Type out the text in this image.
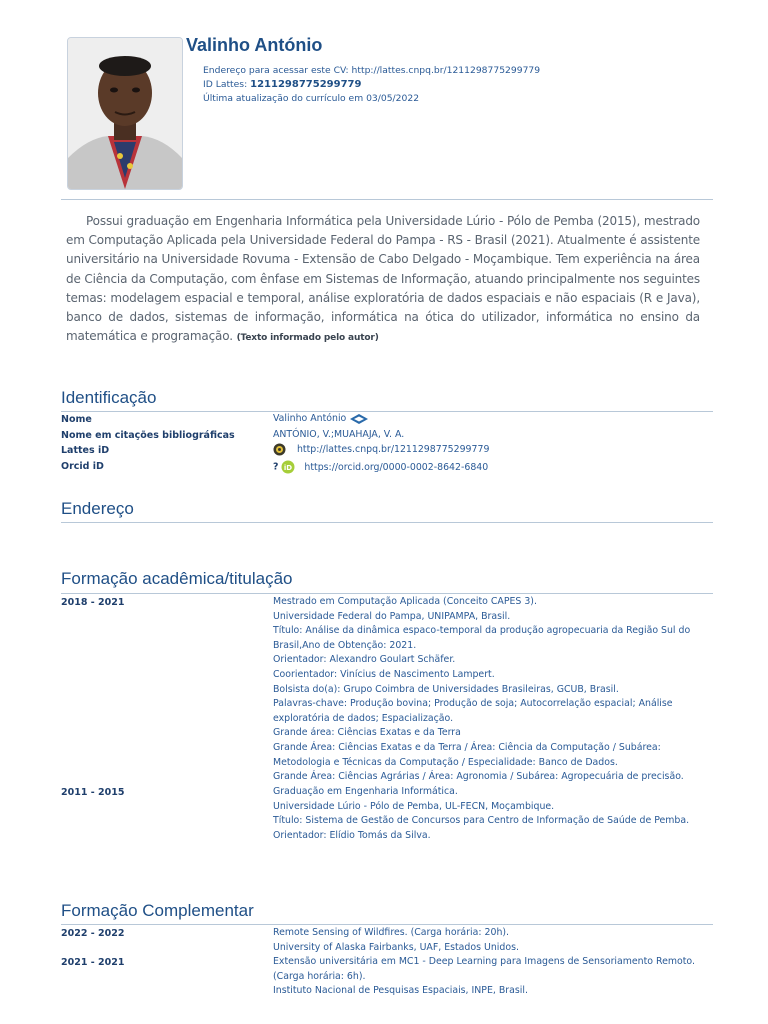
Valinho António
Endereço para acessar este CV: http://lattes.cnpq.br/1211298775299779
ID Lattes: 1211298775299779
Última atualização do currículo em 03/05/2022
Possui graduação em Engenharia Informática pela Universidade Lúrio - Pólo de Pemba (2015), mestrado em Computação Aplicada pela Universidade Federal do Pampa - RS - Brasil (2021). Atualmente é assistente universitário na Universidade Rovuma - Extensão de Cabo Delgado - Moçambique. Tem experiência na área de Ciência da Computação, com ênfase em Sistemas de Informação, atuando principalmente nos seguintes temas: modelagem espacial e temporal, análise exploratória de dados espaciais e não espaciais (R e Java), banco de dados, sistemas de informação, informática na ótica do utilizador, informática no ensino da matemática e programação. (Texto informado pelo autor)
Identificação
Nome	Valinho António
Nome em citações bibliográficas	ANTÓNIO, V.;MUAHAJA, V. A.
Lattes iD	http://lattes.cnpq.br/1211298775299779
Orcid iD	? iD https://orcid.org/0000-0002-8642-6840
Endereço
Formação acadêmica/titulação
2018 - 2021	Mestrado em Computação Aplicada (Conceito CAPES 3).
Universidade Federal do Pampa, UNIPAMPA, Brasil.
Título: Análise da dinâmica espaco-temporal da produção agropecuaria da Região Sul do
Brasil,Ano de Obtenção: 2021.
Orientador: Alexandro Goulart Schäfer.
Coorientador: Vinícius de Nascimento Lampert.
Bolsista do(a): Grupo Coimbra de Universidades Brasileiras, GCUB, Brasil.
Palavras-chave: Produção bovina; Produção de soja; Autocorrelação espacial; Análise
exploratória de dados; Espacialização.
Grande área: Ciências Exatas e da Terra
Grande Área: Ciências Exatas e da Terra / Área: Ciência da Computação / Subárea:
Metodologia e Técnicas da Computação / Especialidade: Banco de Dados.
Grande Área: Ciências Agrárias / Área: Agronomia / Subárea: Agropecuária de precisão.
2011 - 2015	Graduação em Engenharia Informática.
Universidade Lúrio - Pólo de Pemba, UL-FECN, Moçambique.
Título: Sistema de Gestão de Concursos para Centro de Informação de Saúde de Pemba.
Orientador: Elídio Tomás da Silva.
Formação Complementar
2022 - 2022	Remote Sensing of Wildfires. (Carga horária: 20h).
University of Alaska Fairbanks, UAF, Estados Unidos.
2021 - 2021	Extensão universitária em MC1 - Deep Learning para Imagens de Sensoriamento Remoto.
(Carga horária: 6h).
Instituto Nacional de Pesquisas Espaciais, INPE, Brasil.
